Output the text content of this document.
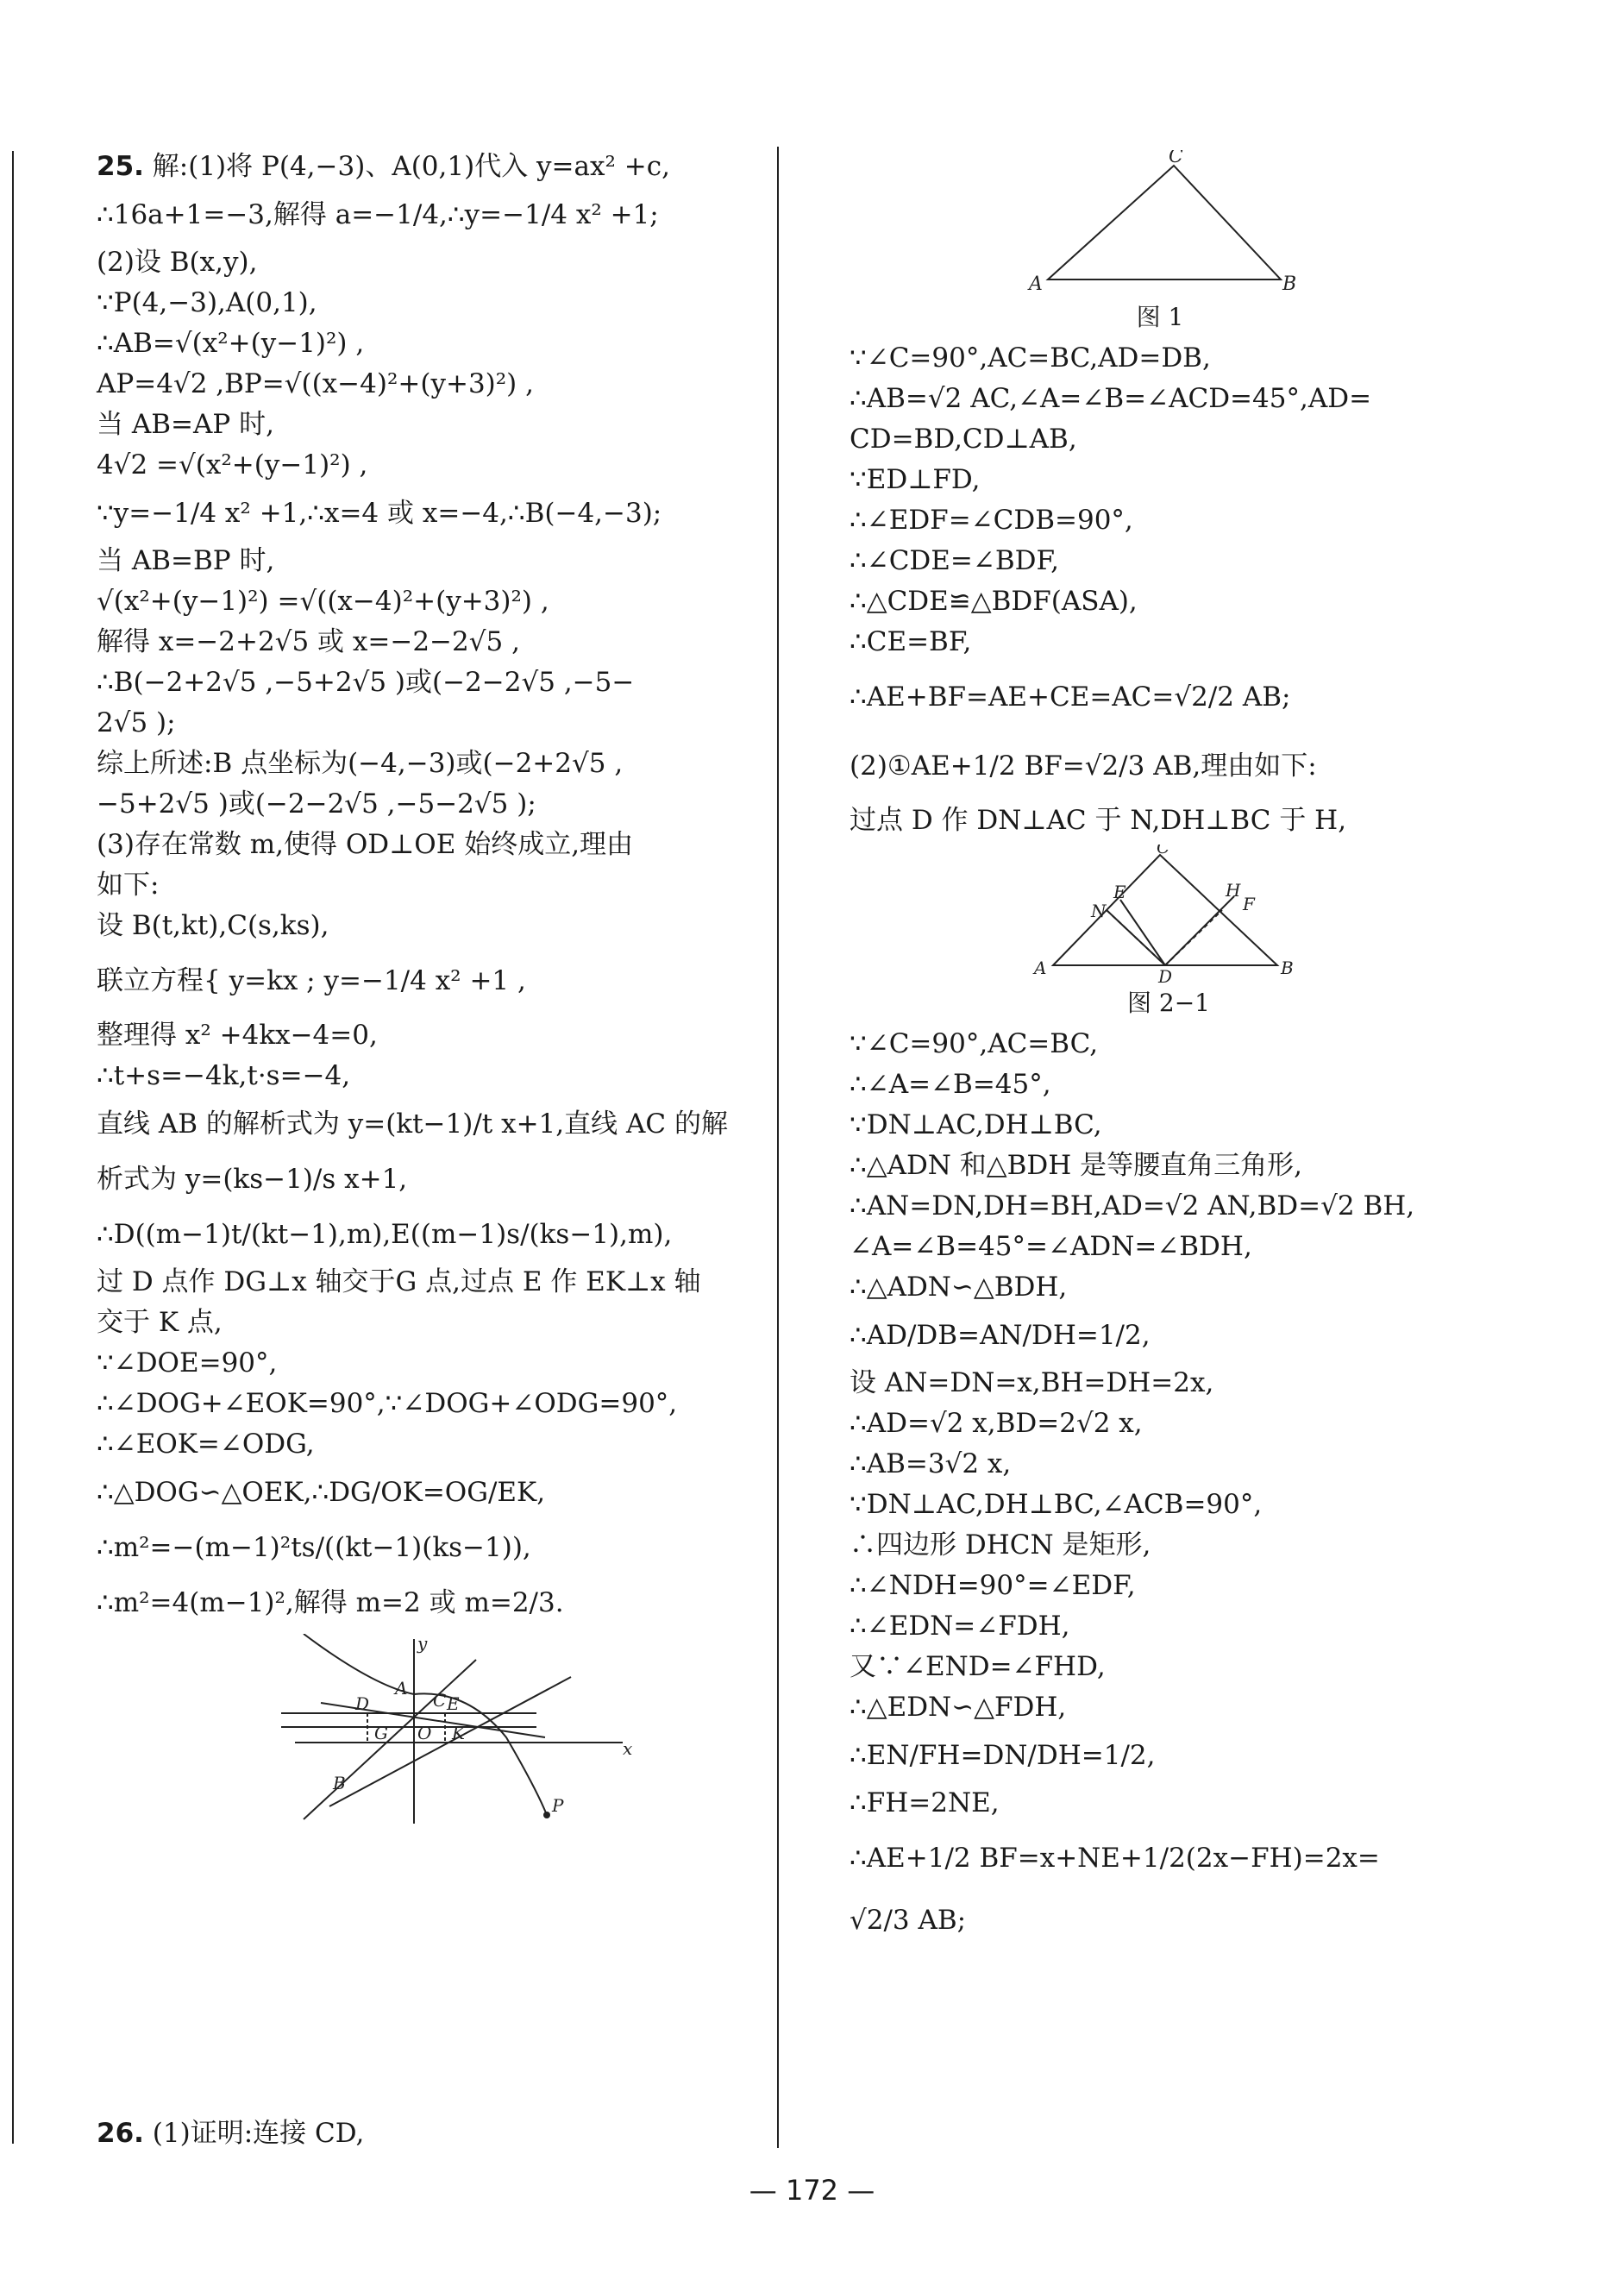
25. 解:(1)将 P(4,−3)、A(0,1)代入 y=ax² +c,
∴16a+1=−3,解得 a=−1/4,∴y=−1/4 x² +1;
(2)设 B(x,y),
∵P(4,−3),A(0,1),
∴AB=√(x²+(y−1)²) ,
AP=4√2 ,BP=√((x−4)²+(y+3)²) ,
当 AB=AP 时,
4√2 =√(x²+(y−1)²) ,
∵y=−1/4 x² +1,∴x=4 或 x=−4,∴B(−4,−3);
当 AB=BP 时,
√(x²+(y−1)²) =√((x−4)²+(y+3)²) ,
解得 x=−2+2√5 或 x=−2−2√5 ,
∴B(−2+2√5 ,−5+2√5 )或(−2−2√5 ,−5−
2√5 );
综上所述:B 点坐标为(−4,−3)或(−2+2√5 ,
−5+2√5 )或(−2−2√5 ,−5−2√5 );
(3)存在常数 m,使得 OD⊥OE 始终成立,理由
如下:
设 B(t,kt),C(s,ks),
联立方程{ y=kx ; y=−1/4 x² +1 ,
整理得 x² +4kx−4=0,
∴t+s=−4k,t·s=−4,
直线 AB 的解析式为 y=(kt−1)/t x+1,直线 AC 的解
析式为 y=(ks−1)/s x+1,
∴D((m−1)t/(kt−1),m),E((m−1)s/(ks−1),m),
过 D 点作 DG⊥x 轴交于G 点,过点 E 作 EK⊥x 轴
交于 K 点,
∵∠DOE=90°,
∴∠DOG+∠EOK=90°,∵∠DOG+∠ODG=90°,
∴∠EOK=∠ODG,
∴△DOG∽△OEK,∴DG/OK=OG/EK,
∴m²=−(m−1)²ts/((kt−1)(ks−1)),
∴m²=4(m−1)²,解得 m=2 或 m=2/3.
y
x
A
C E
D
G O K
B
P
26. (1)证明:连接 CD,
C
A	B
图 1
∵∠C=90°,AC=BC,AD=DB,
∴AB=√2 AC,∠A=∠B=∠ACD=45°,AD=
CD=BD,CD⊥AB,
∵ED⊥FD,
∴∠EDF=∠CDB=90°,
∴∠CDE=∠BDF,
∴△CDE≌△BDF(ASA),
∴CE=BF,
∴AE+BF=AE+CE=AC=√2/2 AB;
(2)①AE+1/2 BF=√2/3 AB,理由如下:
过点 D 作 DN⊥AC 于 N,DH⊥BC 于 H,
C
H
E
F
N
A	D	B
图 2−1
∵∠C=90°,AC=BC,
∴∠A=∠B=45°,
∵DN⊥AC,DH⊥BC,
∴△ADN 和△BDH 是等腰直角三角形,
∴AN=DN,DH=BH,AD=√2 AN,BD=√2 BH,
∠A=∠B=45°=∠ADN=∠BDH,
∴△ADN∽△BDH,
∴AD/DB=AN/DH=1/2,
设 AN=DN=x,BH=DH=2x,
∴AD=√2 x,BD=2√2 x,
∴AB=3√2 x,
∵DN⊥AC,DH⊥BC,∠ACB=90°,
∴四边形 DHCN 是矩形,
∴∠NDH=90°=∠EDF,
∴∠EDN=∠FDH,
又∵∠END=∠FHD,
∴△EDN∽△FDH,
∴EN/FH=DN/DH=1/2,
∴FH=2NE,
∴AE+1/2 BF=x+NE+1/2(2x−FH)=2x=
√2/3 AB;
— 172 —
